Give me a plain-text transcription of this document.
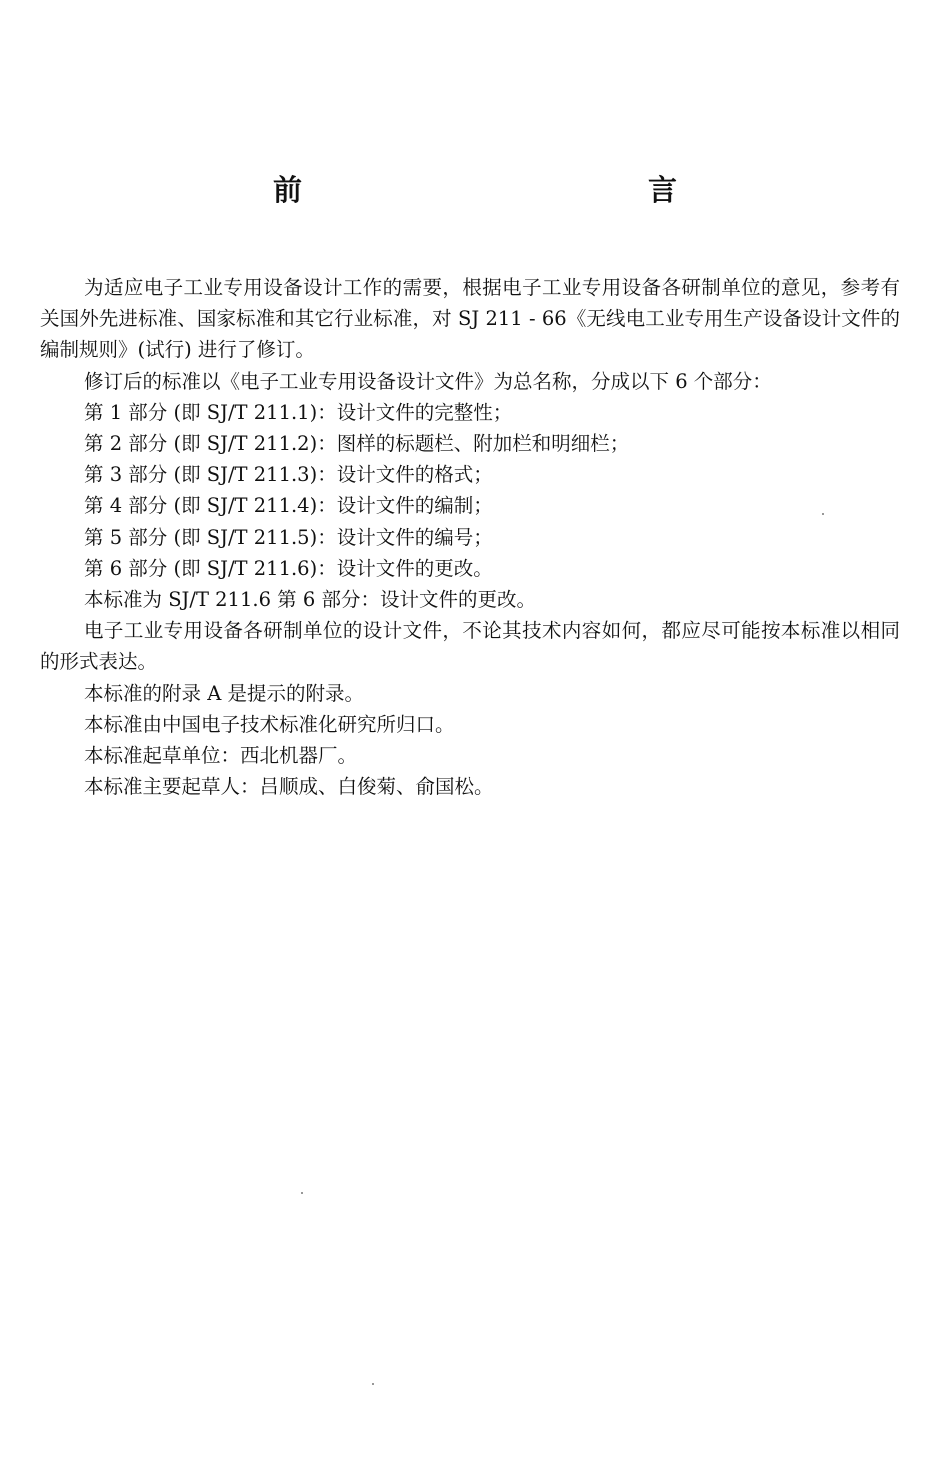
前　　言

为适应电子工业专用设备设计工作的需要，根据电子工业专用设备各研制单位的意见，参考有关国外先进标准、国家标准和其它行业标准，对 SJ 211 - 66《无线电工业专用生产设备设计文件的编制规则》(试行) 进行了修订。

修订后的标准以《电子工业专用设备设计文件》为总名称，分成以下 6 个部分：

第 1 部分 (即 SJ/T 211.1)：设计文件的完整性；
第 2 部分 (即 SJ/T 211.2)：图样的标题栏、附加栏和明细栏；
第 3 部分 (即 SJ/T 211.3)：设计文件的格式；
第 4 部分 (即 SJ/T 211.4)：设计文件的编制；
第 5 部分 (即 SJ/T 211.5)：设计文件的编号；
第 6 部分 (即 SJ/T 211.6)：设计文件的更改。

本标准为 SJ/T 211.6 第 6 部分：设计文件的更改。

电子工业专用设备各研制单位的设计文件，不论其技术内容如何，都应尽可能按本标准以相同的形式表达。

本标准的附录 A 是提示的附录。

本标准由中国电子技术标准化研究所归口。

本标准起草单位：西北机器厂。

本标准主要起草人：吕顺成、白俊菊、俞国松。
